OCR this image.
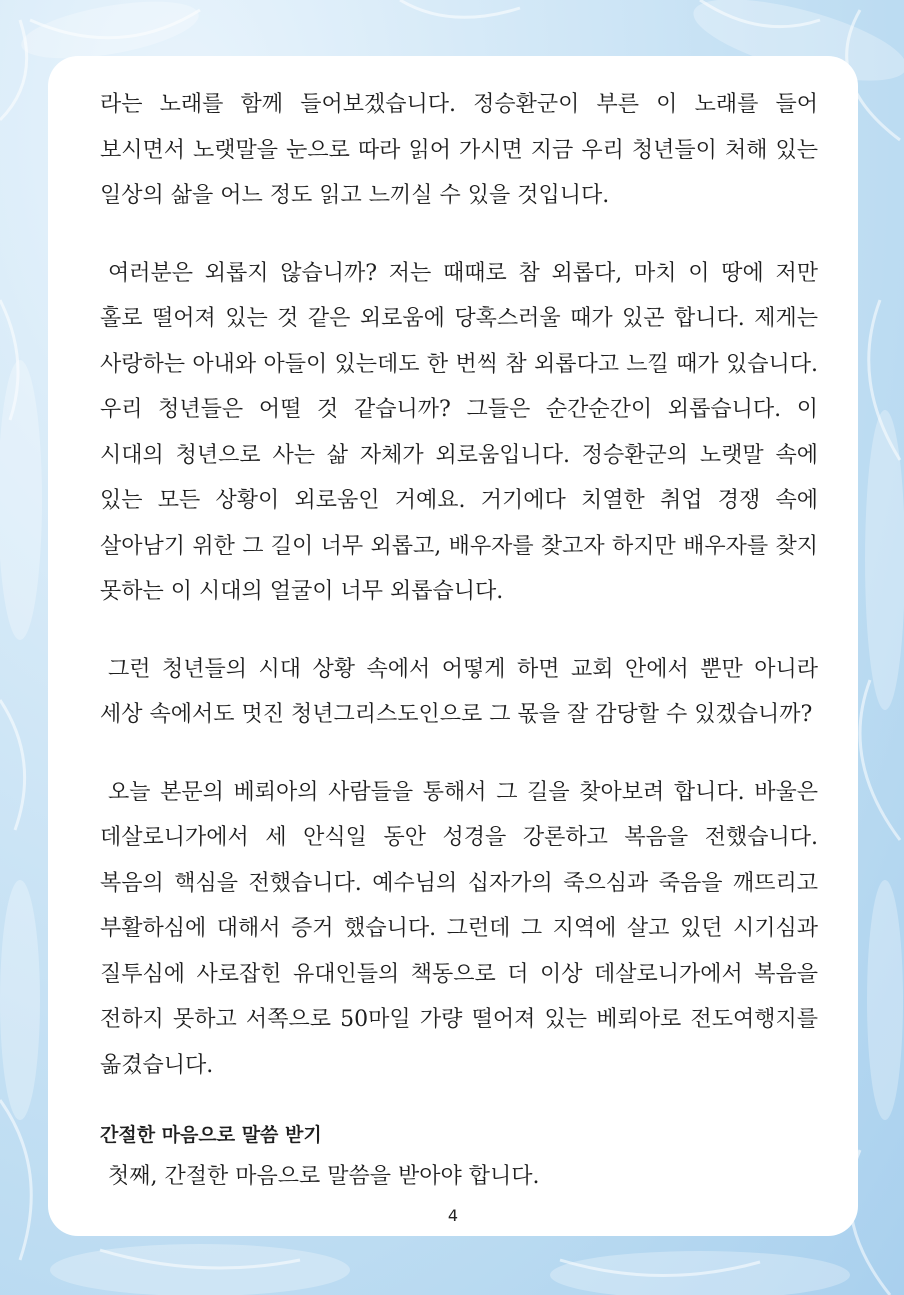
라는 노래를 함께 들어보겠습니다. 정승환군이 부른 이 노래를 들어 보시면서 노랫말을 눈으로 따라 읽어 가시면 지금 우리 청년들이 처해 있는 일상의 삶을 어느 정도 읽고 느끼실 수 있을 것입니다.

여러분은 외롭지 않습니까? 저는 때때로 참 외롭다, 마치 이 땅에 저만 홀로 떨어져 있는 것 같은 외로움에 당혹스러울 때가 있곤 합니다. 제게는 사랑하는 아내와 아들이 있는데도 한 번씩 참 외롭다고 느낄 때가 있습니다. 우리 청년들은 어떨 것 같습니까? 그들은 순간순간이 외롭습니다. 이 시대의 청년으로 사는 삶 자체가 외로움입니다. 정승환군의 노랫말 속에 있는 모든 상황이 외로움인 거예요. 거기에다 치열한 취업 경쟁 속에 살아남기 위한 그 길이 너무 외롭고, 배우자를 찾고자 하지만 배우자를 찾지 못하는 이 시대의 얼굴이 너무 외롭습니다.

그런 청년들의 시대 상황 속에서 어떻게 하면 교회 안에서 뿐만 아니라 세상 속에서도 멋진 청년그리스도인으로 그 몫을 잘 감당할 수 있겠습니까?

오늘 본문의 베뢰아의 사람들을 통해서 그 길을 찾아보려 합니다. 바울은 데살로니가에서 세 안식일 동안 성경을 강론하고 복음을 전했습니다. 복음의 핵심을 전했습니다. 예수님의 십자가의 죽으심과 죽음을 깨뜨리고 부활하심에 대해서 증거 했습니다. 그런데 그 지역에 살고 있던 시기심과 질투심에 사로잡힌 유대인들의 책동으로 더 이상 데살로니가에서 복음을 전하지 못하고 서쪽으로 50마일 가량 떨어져 있는 베뢰아로 전도여행지를 옮겼습니다.

간절한 마음으로 말씀 받기

첫째, 간절한 마음으로 말씀을 받아야 합니다.

4
